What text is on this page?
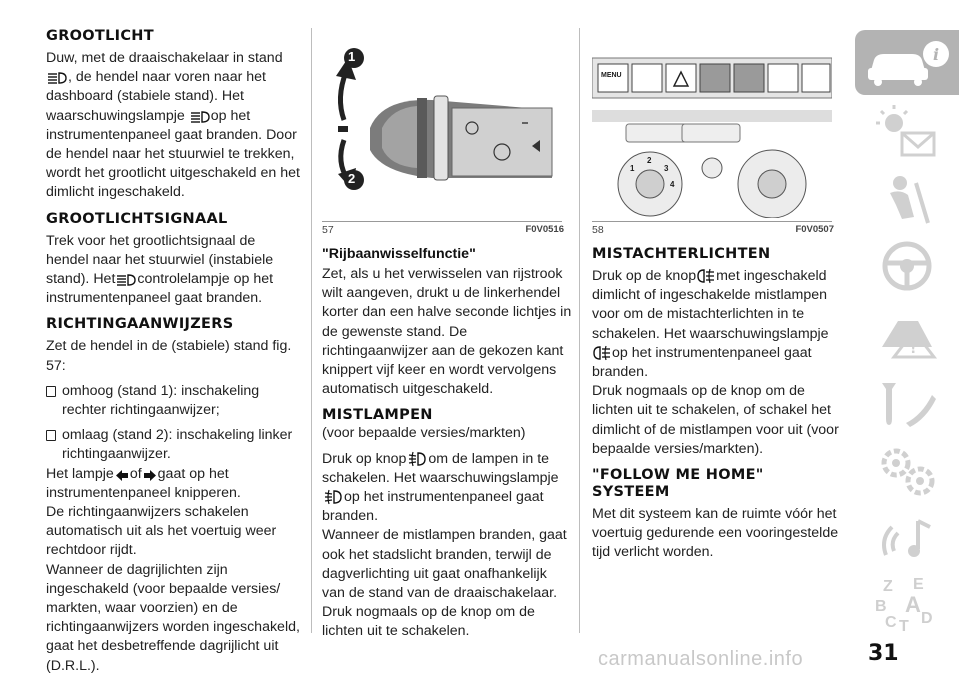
GROOTLICHT

Duw, met de draaischakelaar in stand
, de hendel naar voren naar het dashboard (stabiele stand). Het waarschuwingslampje op het instrumentenpaneel gaat branden. Door de hendel naar het stuurwiel te trekken, wordt het grootlicht uitgeschakeld en het dimlicht ingeschakeld.

GROOTLICHTSIGNAAL

Trek voor het grootlichtsignaal de hendel naar het stuurwiel (instabiele stand). Het controlelampje op het instrumentenpaneel gaat branden.

RICHTINGAANWIJZERS

Zet de hendel in de (stabiele) stand fig. 57:

omhoog (stand 1): inschakeling rechter richtingaanwijzer;
omlaag (stand 2): inschakeling linker richtingaanwijzer.

Het lampje of gaat op het instrumentenpaneel knipperen.

De richtingaanwijzers schakelen automatisch uit als het voertuig weer rechtdoor rijdt.

Wanneer de dagrijlichten zijn ingeschakeld (voor bepaalde versies/ markten, waar voorzien) en de richtingaanwijzers worden ingeschakeld, gaat het desbetreffende dagrijlicht uit (D.R.L.).

1
2
57	F0V0516
"Rijbaanwisselfunctie"

Zet, als u het verwisselen van rijstrook wilt aangeven, drukt u de linkerhendel korter dan een halve seconde lichtjes in de gewenste stand. De richtingaanwijzer aan de gekozen kant knippert vijf keer en wordt vervolgens automatisch uitgeschakeld.

MISTLAMPEN

(voor bepaalde versies/markten)

Druk op knop om de lampen in te schakelen. Het waarschuwingslampje op het instrumentenpaneel gaat branden.

Wanneer de mistlampen branden, gaat ook het stadslicht branden, terwijl de dagverlichting uit gaat onafhankelijk van de stand van de draaischakelaar.

Druk nogmaals op de knop om de lichten uit te schakelen.

MENU
1
2
3
4
58	F0V0507
MISTACHTERLICHTEN

Druk op de knop met ingeschakeld dimlicht of ingeschakelde mistlampen voor om de mistachterlichten in te schakelen. Het waarschuwingslampje op het instrumentenpaneel gaat branden.

Druk nogmaals op de knop om de lichten uit te schakelen, of schakel het dimlicht of de mistlampen voor uit (voor bepaalde versies/markten).

"FOLLOW ME HOME" SYSTEEM

Met dit systeem kan de ruimte vóór het voertuig gedurende een vooringestelde tijd verlicht worden.

i
!
Z E
B A
C T D
31
carmanualsonline.info
